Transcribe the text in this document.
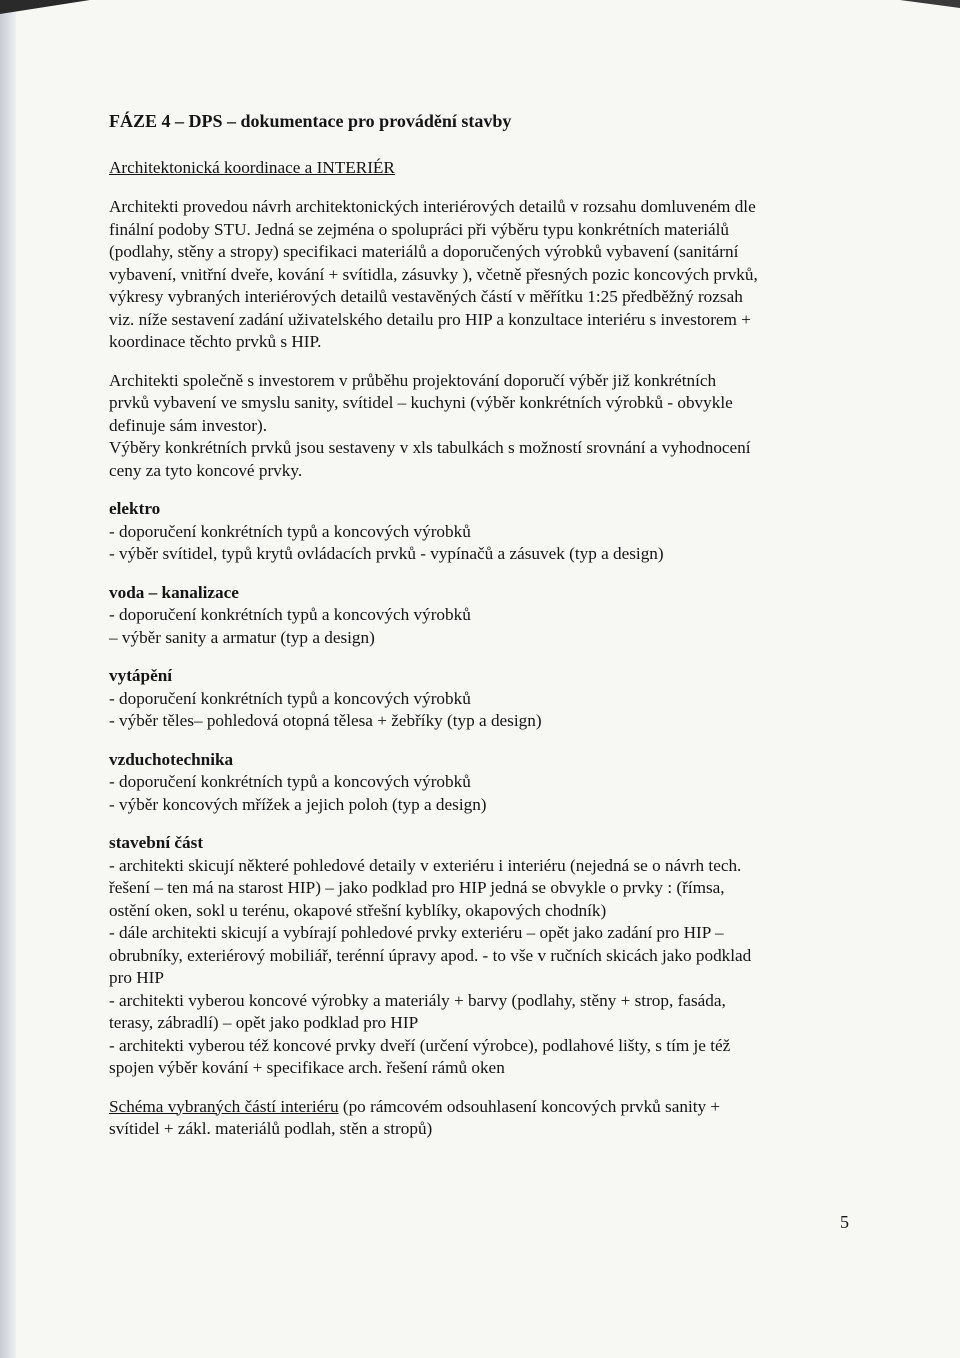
FÁZE 4 – DPS – dokumentace pro provádění stavby

Architektonická koordinace a INTERIÉR

Architekti provedou návrh architektonických interiérových detailů v rozsahu domluveném dle
finální podoby STU. Jedná se zejména o spolupráci při výběru typu konkrétních materiálů
(podlahy, stěny a stropy) specifikaci materiálů a doporučených výrobků vybavení (sanitární
vybavení, vnitřní dveře, kování + svítidla, zásuvky ), včetně přesných pozic koncových prvků,
výkresy vybraných interiérových detailů vestavěných částí v měřítku 1:25 předběžný rozsah
viz. níže sestavení zadání uživatelského detailu pro HIP a konzultace interiéru s investorem +
koordinace těchto prvků s HIP.

Architekti společně s investorem v průběhu projektování doporučí výběr již konkrétních
prvků vybavení ve smyslu sanity, svítidel – kuchyni (výběr konkrétních výrobků - obvykle
definuje sám investor).
Výběry konkrétních prvků jsou sestaveny v xls tabulkách s možností srovnání a vyhodnocení
ceny za tyto koncové prvky.

elektro
- doporučení konkrétních typů a koncových výrobků
- výběr svítidel, typů krytů ovládacích prvků - vypínačů a zásuvek (typ a design)
voda – kanalizace
- doporučení konkrétních typů a koncových výrobků
– výběr sanity a armatur (typ a design)
vytápění
- doporučení konkrétních typů a koncových výrobků
- výběr těles– pohledová otopná tělesa + žebříky (typ a design)
vzduchotechnika
- doporučení konkrétních typů a koncových výrobků
- výběr koncových mřížek a jejich poloh (typ a design)
stavební část
- architekti skicují některé pohledové detaily v exteriéru i interiéru (nejedná se o návrh tech.
řešení – ten má na starost HIP) – jako podklad pro HIP jedná se obvykle o prvky : (římsa,
ostění oken, sokl u terénu, okapové střešní kyblíky, okapových chodník)
- dále architekti skicují a vybírají pohledové prvky exteriéru – opět jako zadání pro HIP –
obrubníky, exteriérový mobiliář, terénní úpravy apod. - to vše v ručních skicách jako podklad
pro HIP
- architekti vyberou koncové výrobky a materiály + barvy (podlahy, stěny + strop, fasáda,
terasy, zábradlí) – opět jako podklad pro HIP
- architekti vyberou též koncové prvky dveří (určení výrobce), podlahové lišty, s tím je též
spojen výběr kování + specifikace arch. řešení rámů oken

Schéma vybraných částí interiéru (po rámcovém odsouhlasení koncových prvků sanity +
svítidel + zákl. materiálů podlah, stěn a stropů)

5
